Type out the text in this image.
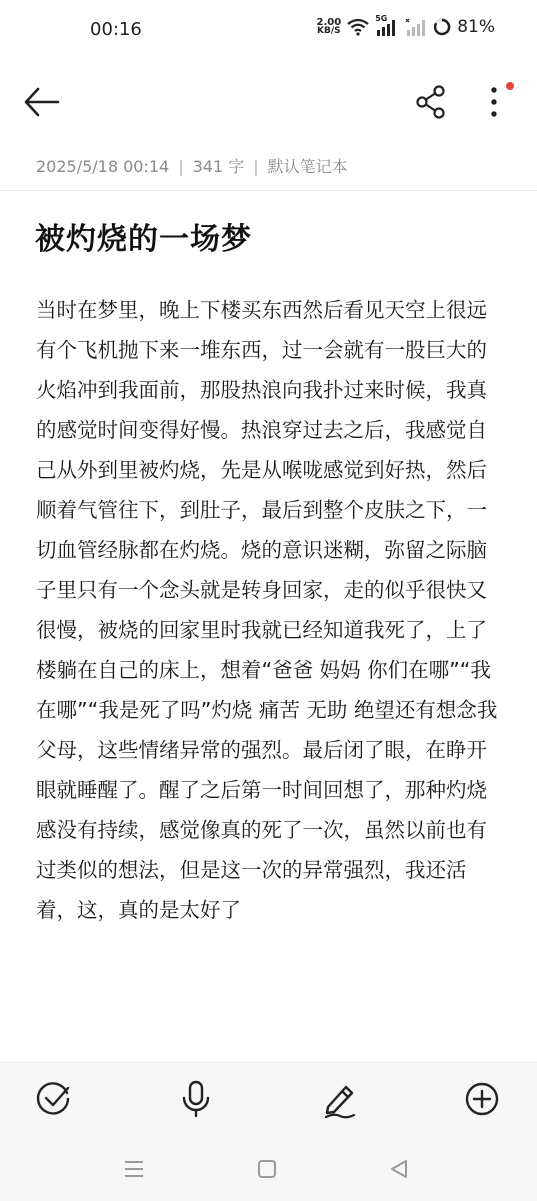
00:16	2.00
KB/S
5G	81%
2025/5/18 00:14 | 341 字 | 默认笔记本
被灼烧的一场梦

当时在梦里，晚上下楼买东西然后看见天空上很远有个飞机抛下来一堆东西，过一会就有一股巨大的火焰冲到我面前，那股热浪向我扑过来时候，我真的感觉时间变得好慢。热浪穿过去之后，我感觉自己从外到里被灼烧，先是从喉咙感觉到好热，然后顺着气管往下，到肚子，最后到整个皮肤之下，一切血管经脉都在灼烧。烧的意识迷糊，弥留之际脑子里只有一个念头就是转身回家，走的似乎很快又很慢，被烧的回家里时我就已经知道我死了，上了楼躺在自己的床上，想着“爸爸 妈妈 你们在哪”“我在哪”“我是死了吗”灼烧 痛苦 无助 绝望还有想念我父母，这些情绪异常的强烈。最后闭了眼，在睁开眼就睡醒了。醒了之后第一时间回想了，那种灼烧感没有持续，感觉像真的死了一次，虽然以前也有过类似的想法，但是这一次的异常强烈，我还活着，这，真的是太好了
